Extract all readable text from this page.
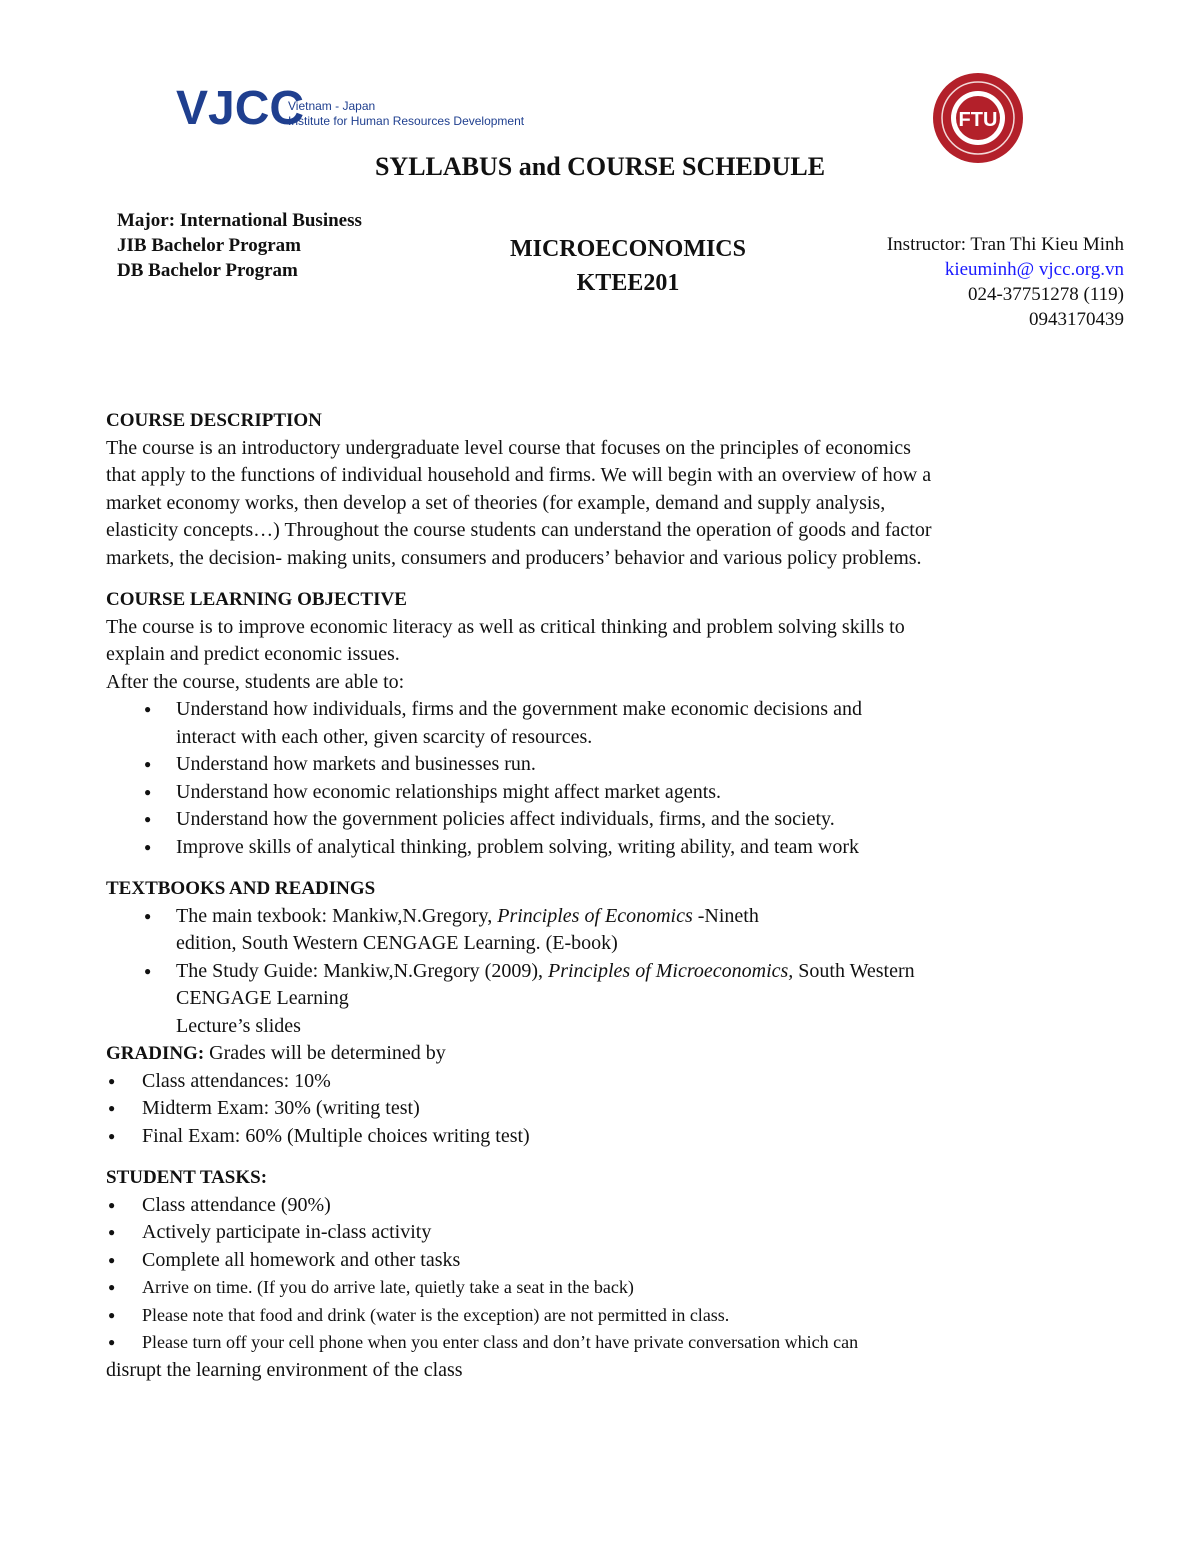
VJCC
Vietnam - Japan
Institute for Human Resources Development	FTU
SYLLABUS and COURSE SCHEDULE
Major: International Business
JIB Bachelor Program
DB Bachelor Program
MICROECONOMICS
KTEE201
Instructor: Tran Thi Kieu Minh
kieuminh@ vjcc.org.vn
024-37751278 (119)
0943170439
COURSE DESCRIPTION
The course is an introductory undergraduate level course that focuses on the principles of economics
that apply to the functions of individual household and firms. We will begin with an overview of how a
market economy works, then develop a set of theories (for example, demand and supply analysis,
elasticity concepts…) Throughout the course students can understand the operation of goods and factor
markets, the decision- making units, consumers and producers’ behavior and various policy problems.
COURSE LEARNING OBJECTIVE
The course is to improve economic literacy as well as critical thinking and problem solving skills to
explain and predict economic issues.
After the course, students are able to:
● Understand how individuals, firms and the government make economic decisions and
interact with each other, given scarcity of resources.
● Understand how markets and businesses run.
● Understand how economic relationships might affect market agents.
● Understand how the government policies affect individuals, firms, and the society.
● Improve skills of analytical thinking, problem solving, writing ability, and team work
TEXTBOOKS AND READINGS
● The main texbook: Mankiw,N.Gregory, Principles of Economics -Nineth
edition, South Western CENGAGE Learning. (E-book)
● The Study Guide: Mankiw,N.Gregory (2009), Principles of Microeconomics, South Western
CENGAGE Learning
Lecture’s slides
GRADING: Grades will be determined by
● Class attendances: 10%
● Midterm Exam: 30% (writing test)
● Final Exam: 60% (Multiple choices writing test)
STUDENT TASKS:
● Class attendance (90%)
● Actively participate in-class activity
● Complete all homework and other tasks
● Arrive on time. (If you do arrive late, quietly take a seat in the back)
● Please note that food and drink (water is the exception) are not permitted in class.
● Please turn off your cell phone when you enter class and don’t have private conversation which can
disrupt the learning environment of the class
